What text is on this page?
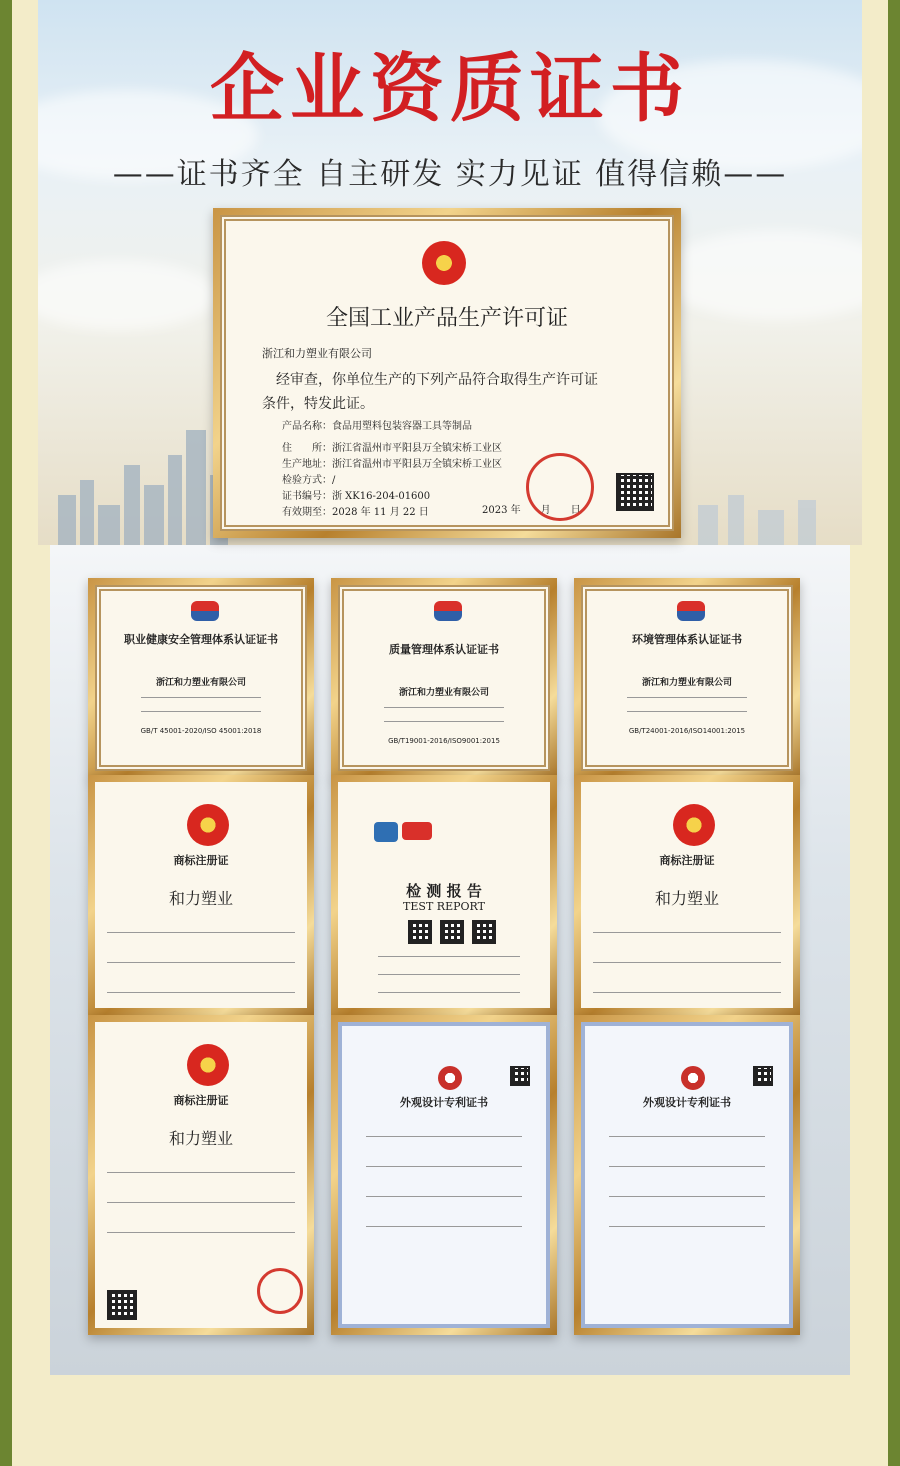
企业资质证书
——证书齐全 自主研发 实力见证 值得信赖——
全国工业产品生产许可证
浙江和力塑业有限公司
经审查，你单位生产的下列产品符合取得生产许可证
条件，特发此证。
产品名称：食品用塑料包装容器工具等制品
住　　所：浙江省温州市平阳县万全镇宋桥工业区
生产地址：浙江省温州市平阳县万全镇宋桥工业区
检验方式：/
证书编号：浙 XK16-204-01600
有效期至：2028 年 11 月 22 日	2023 年　　月　　日
职业健康安全管理体系认证证书
浙江和力塑业有限公司
GB/T 45001-2020/ISO 45001:2018
质量管理体系认证证书
浙江和力塑业有限公司
GB/T19001-2016/ISO9001:2015
环境管理体系认证证书
浙江和力塑业有限公司
GB/T24001-2016/ISO14001:2015
商标注册证
和力塑业	检 测 报 告
TEST REPORT
商标注册证
和力塑业
商标注册证
和力塑业
外观设计专利证书	外观设计专利证书
